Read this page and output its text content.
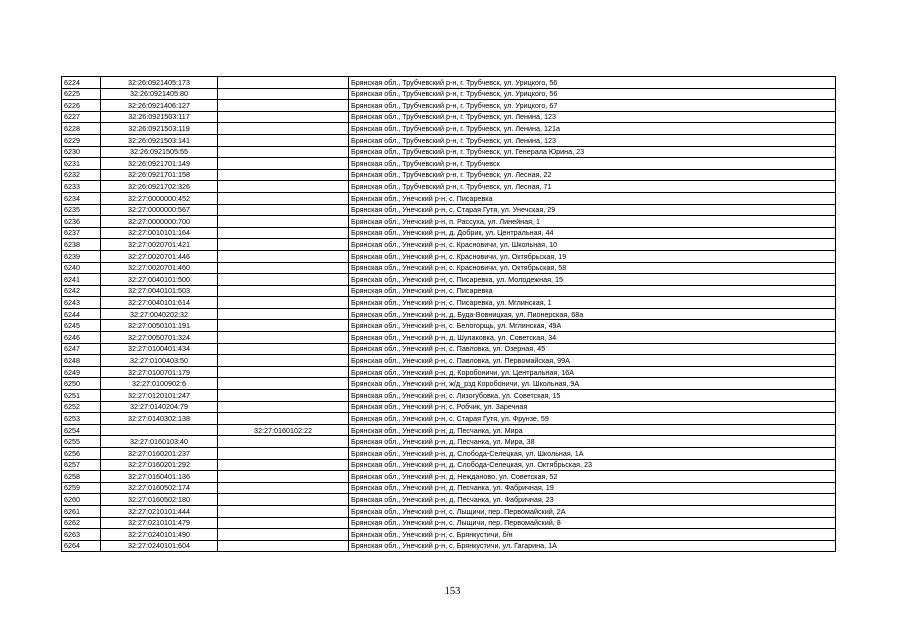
6224	32:26:0921405:173		Брянская обл., Трубчевский р-н, г. Трубчевск, ул. Урицкого, 56
6225	32:26:0921405:80		Брянская обл., Трубчевский р-н, г. Трубчевск, ул. Урицкого, 56
6226	32:26:0921406:127		Брянская обл., Трубчевский р-н, г. Трубчевск, ул. Урицкого, 67
6227	32:26:0921503:117		Брянская обл., Трубчевский р-н, г. Трубчевск, ул. Ленина, 123
6228	32:26:0921503:119		Брянская обл., Трубчевский р-н, г. Трубчевск, ул. Ленина, 121а
6229	32:26:0921503:141		Брянская обл., Трубчевский р-н, г. Трубчевск, ул. Ленина, 123
6230	32:26:0921505:55		Брянская обл., Трубчевский р-н, г. Трубчевск, ул. Генерала Юрина, 23
6231	32:26:0921701:149		Брянская обл., Трубчевский р-н, г. Трубчевск
6232	32:26:0921701:158		Брянская обл., Трубчевский р-н, г. Трубчевск, ул. Лесная, 22
6233	32:26:0921702:326		Брянская обл., Трубчевский р-н, г. Трубчевск, ул. Лесная, 71
6234	32:27:0000000:452		Брянская обл., Унечский р-н, с. Писаревка
6235	32:27:0000000:567		Брянская обл., Унечский р-н, с. Старая Гутя, ул. Унечская, 29
6236	32:27:0000000:700		Брянская обл., Унечский р-н, п. Рассуха, ул. Линейная, 1
6237	32:27:0010101:164		Брянская обл., Унечский р-н, д. Добрик, ул. Центральная, 44
6238	32:27:0020701:421		Брянская обл., Унечский р-н, с. Красновичи, ул. Школьная, 10
6239	32:27:0020701:446		Брянская обл., Унечский р-н, с. Красновичи, ул. Октябрьская, 19
6240	32:27:0020701:460		Брянская обл., Унечский р-н, с. Красновичи, ул. Октябрьская, 58
6241	32:27:0040101:500		Брянская обл., Унечский р-н, с. Писаревка, ул. Молодежная, 15
6242	32:27:0040101:503		Брянская обл., Унечский р-н, с. Писаревка
6243	32:27:0040101:614		Брянская обл., Унечский р-н, с. Писаревка, ул. Мглинская, 1
6244	32:27:0040202:32		Брянская обл., Унечский р-н, д. Буда-Вовницкая, ул. Пионерская, 68а
6245	32:27:0050101:191		Брянская обл., Унечский р-н, с. Белогорщь, ул. Мглинская, 49А
6246	32:27:0050701:324		Брянская обл., Унечский р-н, д. Шулаковка, ул. Советская, 34
6247	32:27:0100401:434		Брянская обл., Унечский р-н, с. Павловка, ул. Озерная, 45
6248	32:27:0100403:50		Брянская обл., Унечский р-н, с. Павловка, ул. Первомайская, 99А
6249	32:27:0100701:179		Брянская обл., Унечский р-н, д. Коробоничи, ул. Центральная, 16А
6250	32:27:0100902:6		Брянская обл., Унечский р-н, ж/д_рзд Коробоничи, ул. Школьная, 9А
6251	32:27:0120101:247		Брянская обл., Унечский р-н, с. Лизогубовка, ул. Советская, 15
6252	32:27:0140204:79		Брянская обл., Унечский р-н, с. Робчик, ул. Заречная
6253	32:27:0140302:138		Брянская обл., Унечский р-н, с. Старая Гутя, ул. Фрунзе, 59
6254		32:27:0160102:22	Брянская обл., Унечский р-н, д. Песчанка, ул. Мира
6255	32:27:0160103:40		Брянская обл., Унечский р-н, д. Песчанка, ул. Мира, 38
6256	32:27:0160201:237		Брянская обл., Унечский р-н, д. Слобода-Селецкая, ул. Школьная, 1А
6257	32:27:0160201:292		Брянская обл., Унечский р-н, д. Слобода-Селецкая, ул. Октябрьская, 23
6258	32:27:0160401:136		Брянская обл., Унечский р-н, д. Нежданово, ул. Советская, 52
6259	32:27:0160502:174		Брянская обл., Унечский р-н, д. Песчанка, ул. Фабричная, 19
6260	32:27:0160502:180		Брянская обл., Унечский р-н, д. Песчанка, ул. Фабричная, 23
6261	32:27:0210101:444		Брянская обл., Унечский р-н, с. Лыщичи, пер. Первомайский, 2А
6262	32:27:0210101:479		Брянская обл., Унечский р-н, с. Лыщичи, пер. Первомайский, 8
6263	32:27:0240101:490		Брянская обл., Унечский р-н, с. Брянкустичи, б/н
6264	32:27:0240101:604		Брянская обл., Унечский р-н, с. Брянкустичи, ул. Гагарина, 1А
153
